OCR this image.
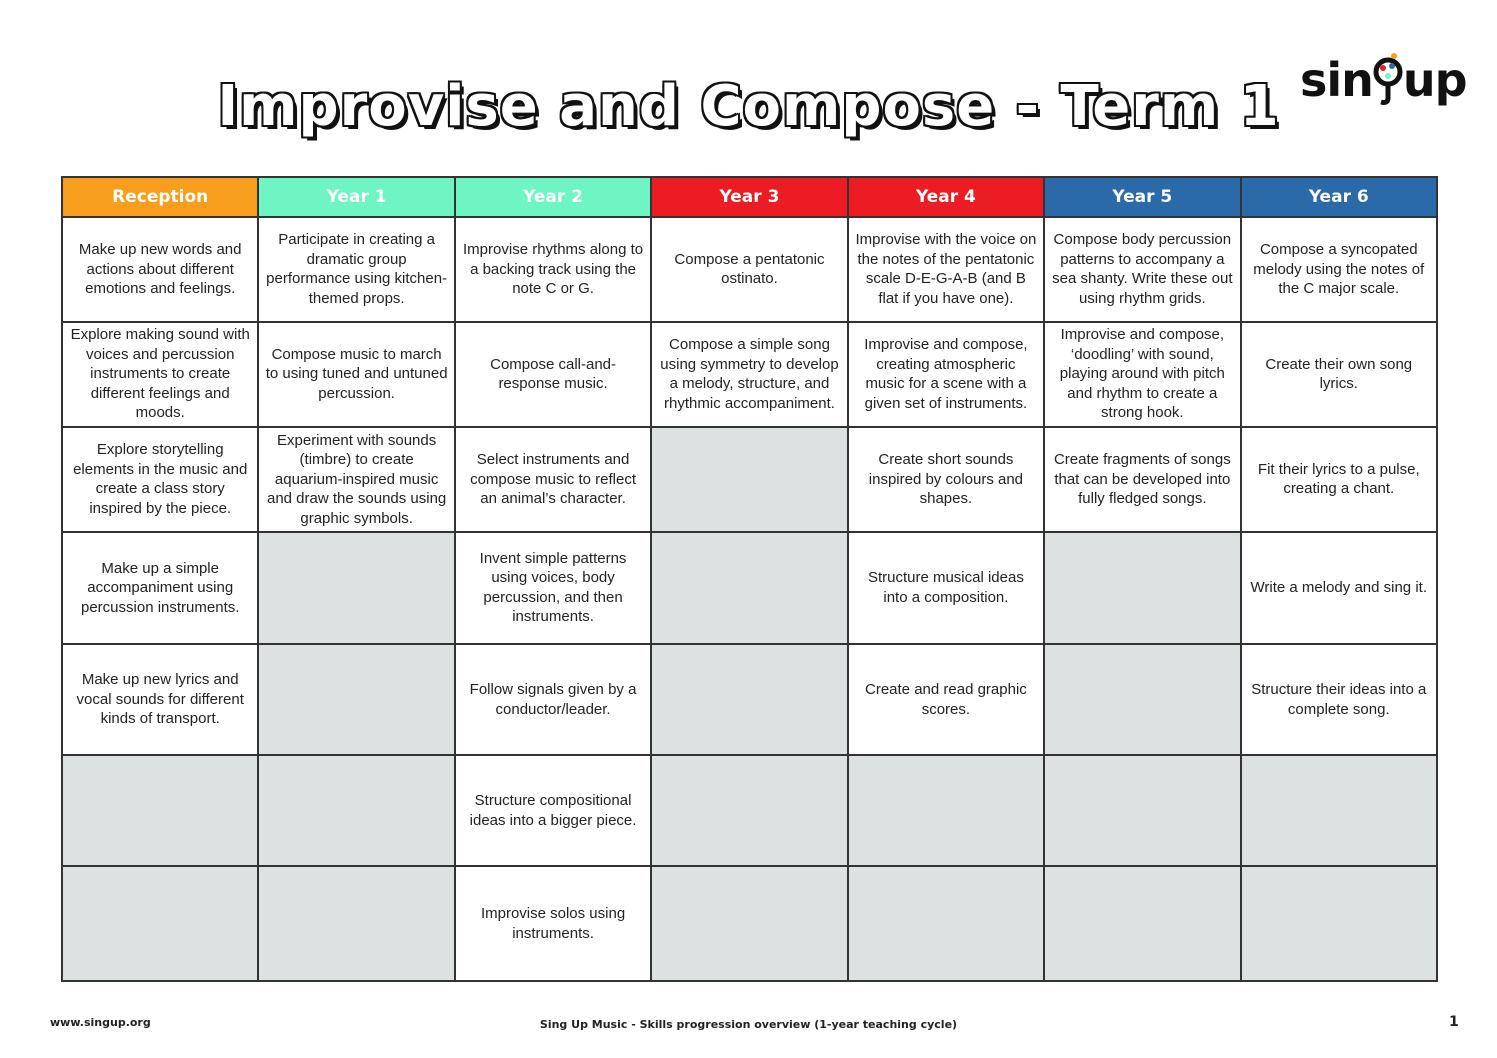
sin up
Improvise and Compose - Term 1
Reception	Year 1	Year 2	Year 3	Year 4	Year 5	Year 6
Make up new words and actions about different emotions and feelings.	Participate in creating a dramatic group performance using kitchen-themed props.	Improvise rhythms along to a backing track using the note C or G.	Compose a pentatonic ostinato.	Improvise with the voice on the notes of the pentatonic scale D-E-G-A-B (and B flat if you have one).	Compose body percussion patterns to accompany a sea shanty. Write these out using rhythm grids.	Compose a syncopated melody using the notes of the C major scale.
Explore making sound with voices and percussion instruments to create different feelings and moods.	Compose music to march to using tuned and untuned percussion.	Compose call-and-response music.	Compose a simple song using symmetry to develop a melody, structure, and rhythmic accompaniment.	Improvise and compose, creating atmospheric music for a scene with a given set of instruments.	Improvise and compose, ‘doodling’ with sound, playing around with pitch and rhythm to create a strong hook.	Create their own song lyrics.
Explore storytelling elements in the music and create a class story inspired by the piece.	Experiment with sounds (timbre) to create aquarium-inspired music and draw the sounds using graphic symbols.	Select instruments and compose music to reflect an animal’s character.		Create short sounds inspired by colours and shapes.	Create fragments of songs that can be developed into fully fledged songs.	Fit their lyrics to a pulse, creating a chant.
Make up a simple accompaniment using percussion instruments.		Invent simple patterns using voices, body percussion, and then instruments.		Structure musical ideas into a composition.		Write a melody and sing it.
Make up new lyrics and vocal sounds for different kinds of transport.		Follow signals given by a conductor/leader.		Create and read graphic scores.		Structure their ideas into a complete song.
		Structure compositional ideas into a bigger piece.				
		Improvise solos using instruments.				
www.singup.org	Sing Up Music - Skills progression overview (1-year teaching cycle)	1
